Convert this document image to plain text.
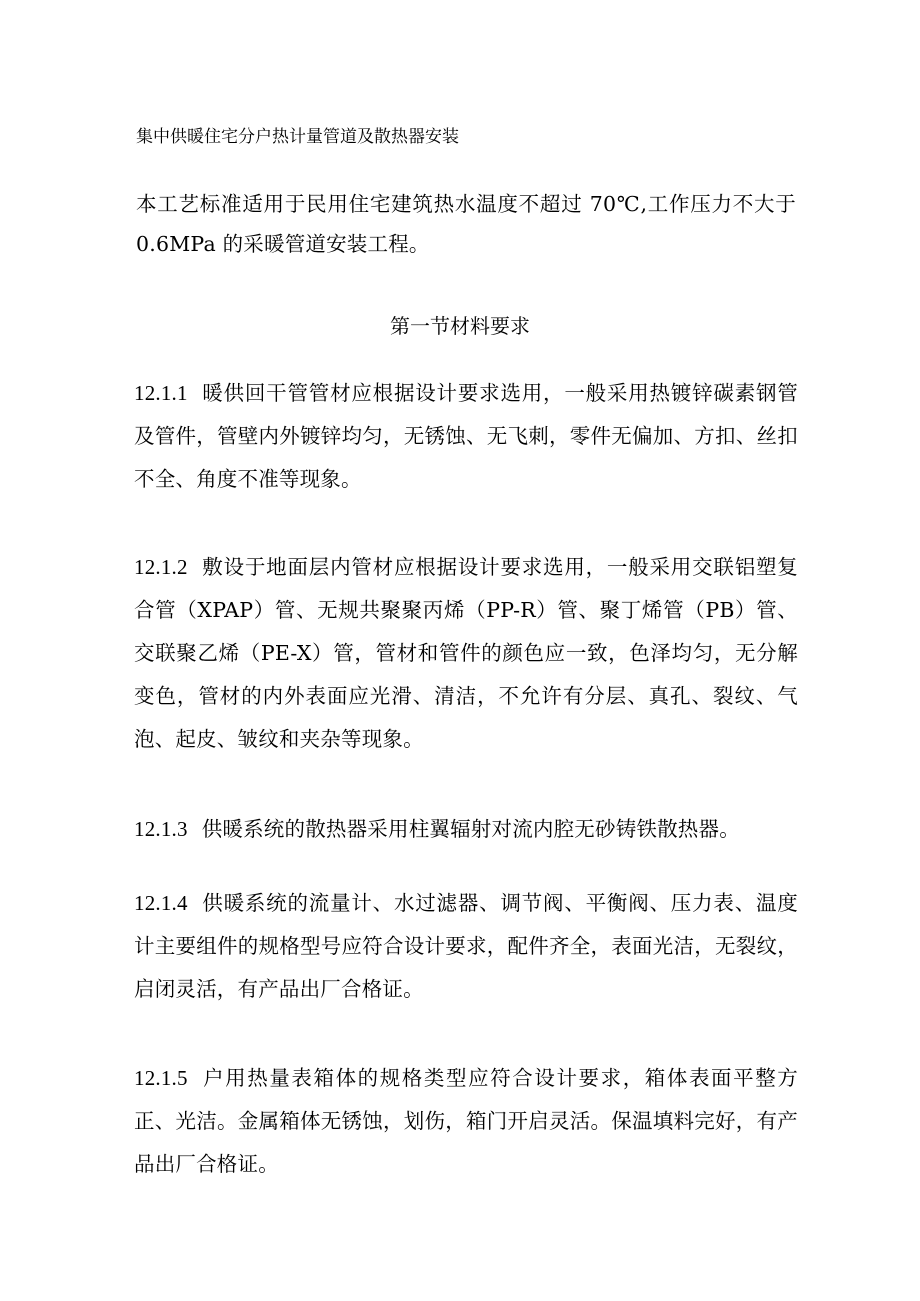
集中供暖住宅分户热计量管道及散热器安装
本工艺标准适用于民用住宅建筑热水温度不超过 70℃,工作压力不大于 0.6MPa 的采暖管道安装工程。
第一节材料要求
12.1.1 暖供回干管管材应根据设计要求选用，一般采用热镀锌碳素钢管及管件，管壁内外镀锌均匀，无锈蚀、无飞刺，零件无偏加、方扣、丝扣不全、角度不准等现象。
12.1.2 敷设于地面层内管材应根据设计要求选用，一般采用交联铝塑复合管（XPAP）管、无规共聚聚丙烯（PP-R）管、聚丁烯管（PB）管、交联聚乙烯（PE-X）管，管材和管件的颜色应一致，色泽均匀，无分解变色，管材的内外表面应光滑、清洁，不允许有分层、真孔、裂纹、气泡、起皮、皱纹和夹杂等现象。
12.1.3 供暖系统的散热器采用柱翼辐射对流内腔无砂铸铁散热器。
12.1.4 供暖系统的流量计、水过滤器、调节阀、平衡阀、压力表、温度计主要组件的规格型号应符合设计要求，配件齐全，表面光洁，无裂纹，启闭灵活，有产品出厂合格证。
12.1.5 户用热量表箱体的规格类型应符合设计要求，箱体表面平整方正、光洁。金属箱体无锈蚀，划伤，箱门开启灵活。保温填料完好，有产品出厂合格证。
